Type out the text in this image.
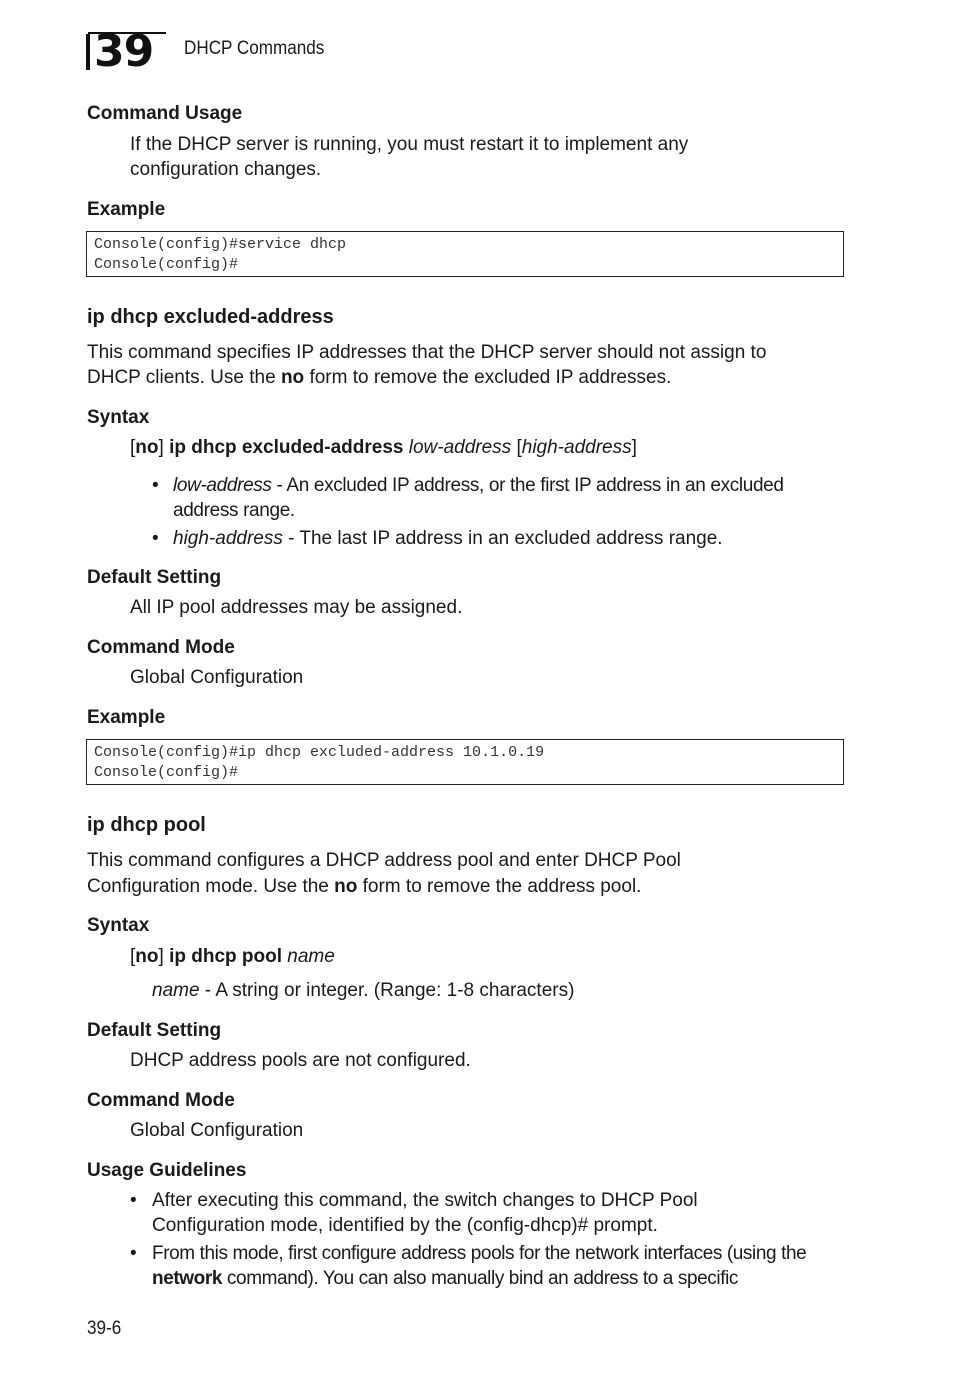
39 DHCP Commands
Command Usage
If the DHCP server is running, you must restart it to implement any
configuration changes.
Example
Console(config)#service dhcp
Console(config)#
ip dhcp excluded-address
This command specifies IP addresses that the DHCP server should not assign to
DHCP clients. Use the no form to remove the excluded IP addresses.
Syntax
[no] ip dhcp excluded-address low-address [high-address]
• low-address - An excluded IP address, or the first IP address in an excluded address range.
• high-address - The last IP address in an excluded address range.
Default Setting
All IP pool addresses may be assigned.
Command Mode
Global Configuration
Example
Console(config)#ip dhcp excluded-address 10.1.0.19
Console(config)#
ip dhcp pool
This command configures a DHCP address pool and enter DHCP Pool
Configuration mode. Use the no form to remove the address pool.
Syntax
[no] ip dhcp pool name
name - A string or integer. (Range: 1-8 characters)
Default Setting
DHCP address pools are not configured.
Command Mode
Global Configuration
Usage Guidelines
• After executing this command, the switch changes to DHCP Pool Configuration mode, identified by the (config-dhcp)# prompt.
• From this mode, first configure address pools for the network interfaces (using the network command). You can also manually bind an address to a specific
39-6
